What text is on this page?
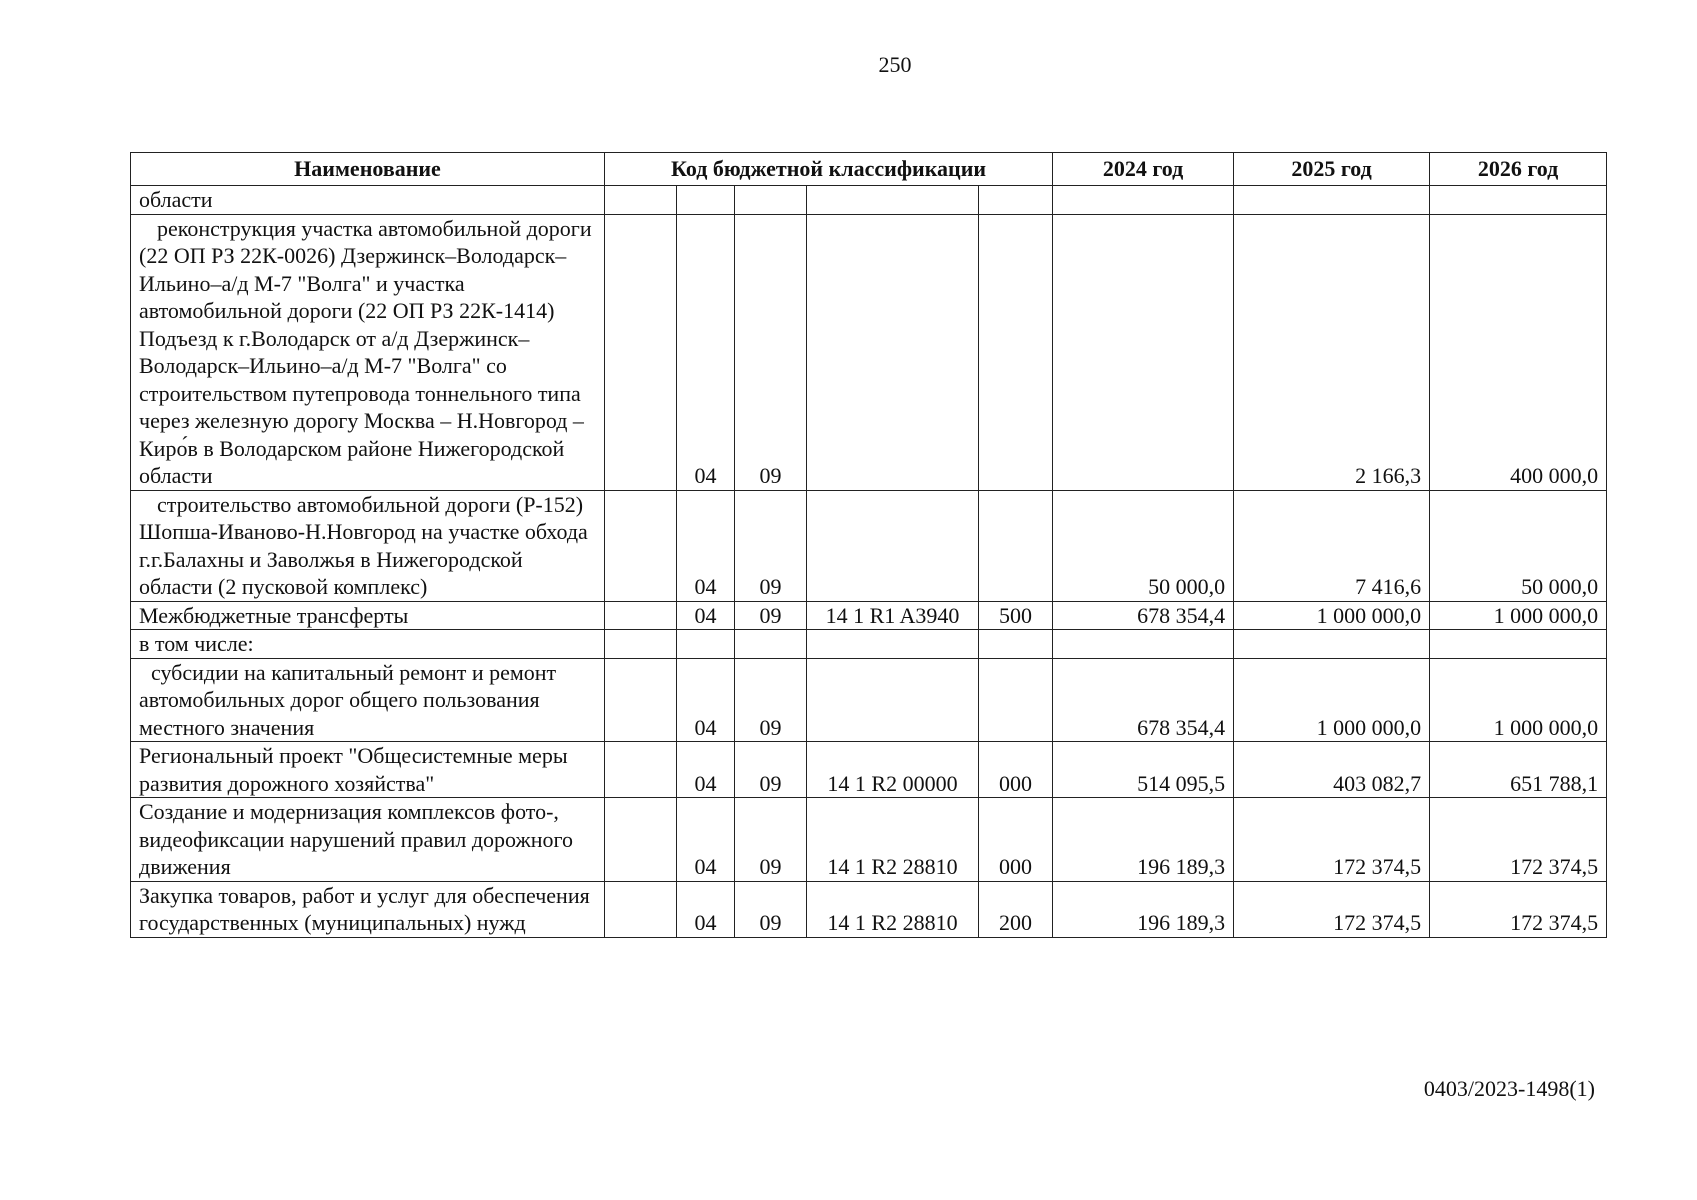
250
Наименование	Код бюджетной классификации					2024 год	2025 год	2026 год
области								
реконструкция участка автомобильной дороги (22 ОП РЗ 22К-0026) Дзержинск–Володарск–Ильино–а/д М-7 "Волга" и участка автомобильной дороги (22 ОП РЗ 22К-1414) Подъезд к г.Володарск от а/д Дзержинск–Володарск–Ильино–а/д М-7 "Волга" со строительством путепровода тоннельного типа через железную дорогу Москва – Н.Новгород – Киро́в в Володарском районе Нижегородской области		04	09				2 166,3	400 000,0
строительство автомобильной дороги (Р-152) Шопша-Иваново-Н.Новгород на участке обхода г.г.Балахны и Заволжья в Нижегородской области (2 пусковой комплекс)		04	09			50 000,0	7 416,6	50 000,0
Межбюджетные трансферты		04	09	14 1 R1 A3940	500	678 354,4	1 000 000,0	1 000 000,0
в том числе:								
субсидии на капитальный ремонт и ремонт автомобильных дорог общего пользования местного значения		04	09			678 354,4	1 000 000,0	1 000 000,0
Региональный проект "Общесистемные меры развития дорожного хозяйства"		04	09	14 1 R2 00000	000	514 095,5	403 082,7	651 788,1
Создание и модернизация комплексов фото-, видеофиксации нарушений правил дорожного движения		04	09	14 1 R2 28810	000	196 189,3	172 374,5	172 374,5
Закупка товаров, работ и услуг для обеспечения государственных (муниципальных) нужд		04	09	14 1 R2 28810	200	196 189,3	172 374,5	172 374,5
0403/2023-1498(1)
